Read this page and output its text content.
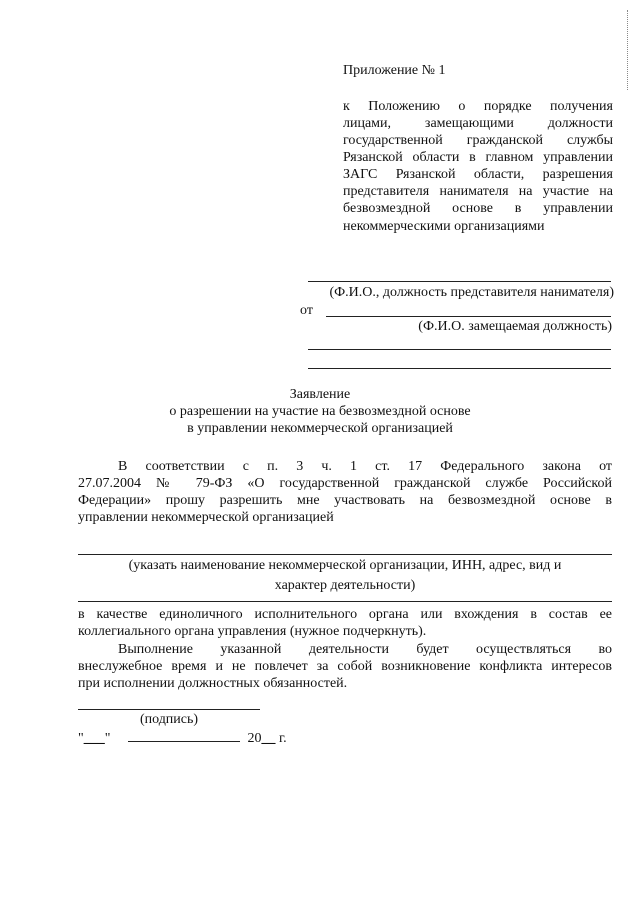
Приложение № 1
к Положению о порядке получения
лицами, замещающими должности
государственной гражданской службы
Рязанской области в главном управлении
ЗАГС Рязанской области, разрешения
представителя нанимателя на участие на
безвозмездной основе в управлении
некоммерческими организациями
(Ф.И.О., должность представителя нанимателя)
от
(Ф.И.О. замещаемая должность)
Заявление
о разрешении на участие на безвозмездной основе
в управлении некоммерческой организацией
В соответствии с п. 3 ч. 1 ст. 17 Федерального закона от
27.07.2004 № 79-ФЗ «О государственной гражданской службе Российской
Федерации» прошу разрешить мне участвовать на безвозмездной основе в
управлении некоммерческой организацией
(указать наименование некоммерческой организации, ИНН, адрес, вид и
характер деятельности)
в качестве единоличного исполнительного органа или вхождения в состав ее
коллегиального органа управления (нужное подчеркнуть).
Выполнение указанной деятельности будет осуществляться во
внеслужебное время и не повлечет за собой возникновение конфликта интересов
при исполнении должностных обязанностей.
(подпись)
"___"	20__ г.
